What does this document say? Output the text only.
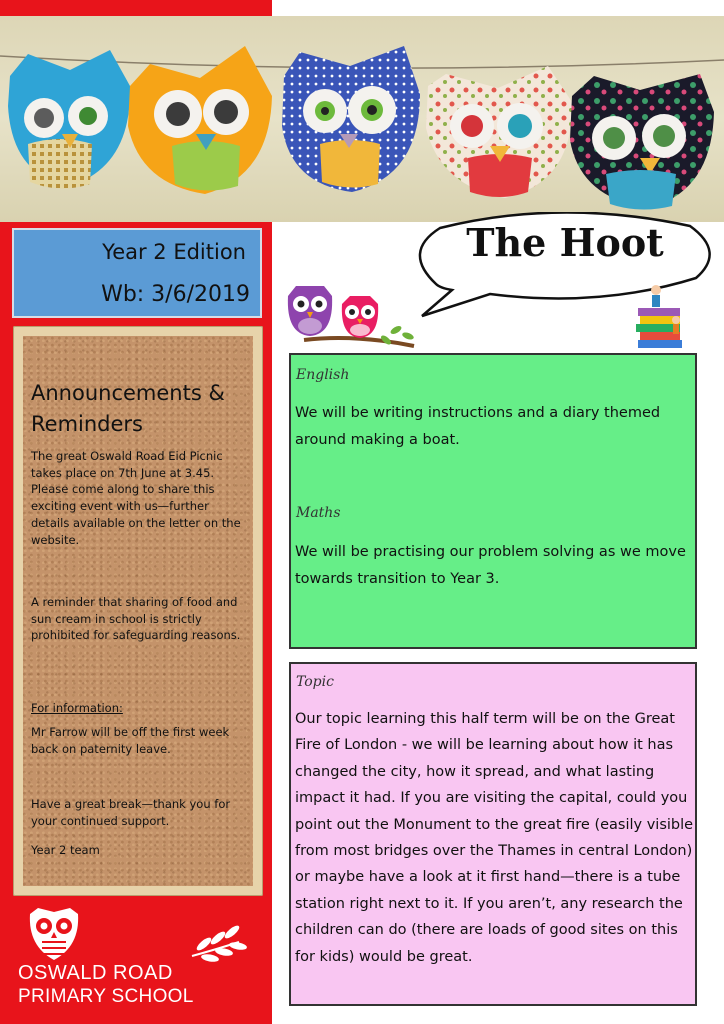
Year 2 Edition
Wb: 3/6/2019
Announcements & Reminders
The great Oswald Road Eid Picnic takes place on 7th June at 3.45. Please come along to share this exciting event with us—further details available on the letter on the website.
A reminder that sharing of food and sun cream in school is strictly prohibited for safeguarding reasons.
For information:
Mr Farrow will be off the first week back on paternity leave.
Have a great break—thank you for your continued support.
Year 2 team
OSWALD ROAD
PRIMARY SCHOOL
The Hoot
English
We will be writing instructions and a diary themed around making a boat.
Maths
We will be practising our problem solving as we move towards transition to Year 3.
Topic
Our topic learning this half term will be on the Great Fire of London - we will be learning about how it has changed the city, how it spread, and what lasting impact it had. If you are visiting the capital, could you point out the Monument to the great fire (easily visible from most bridges over the Thames in central London) or maybe have a look at it first hand—there is a tube station right next to it. If you aren’t, any research the children can do (there are loads of good sites on this for kids) would be great.
